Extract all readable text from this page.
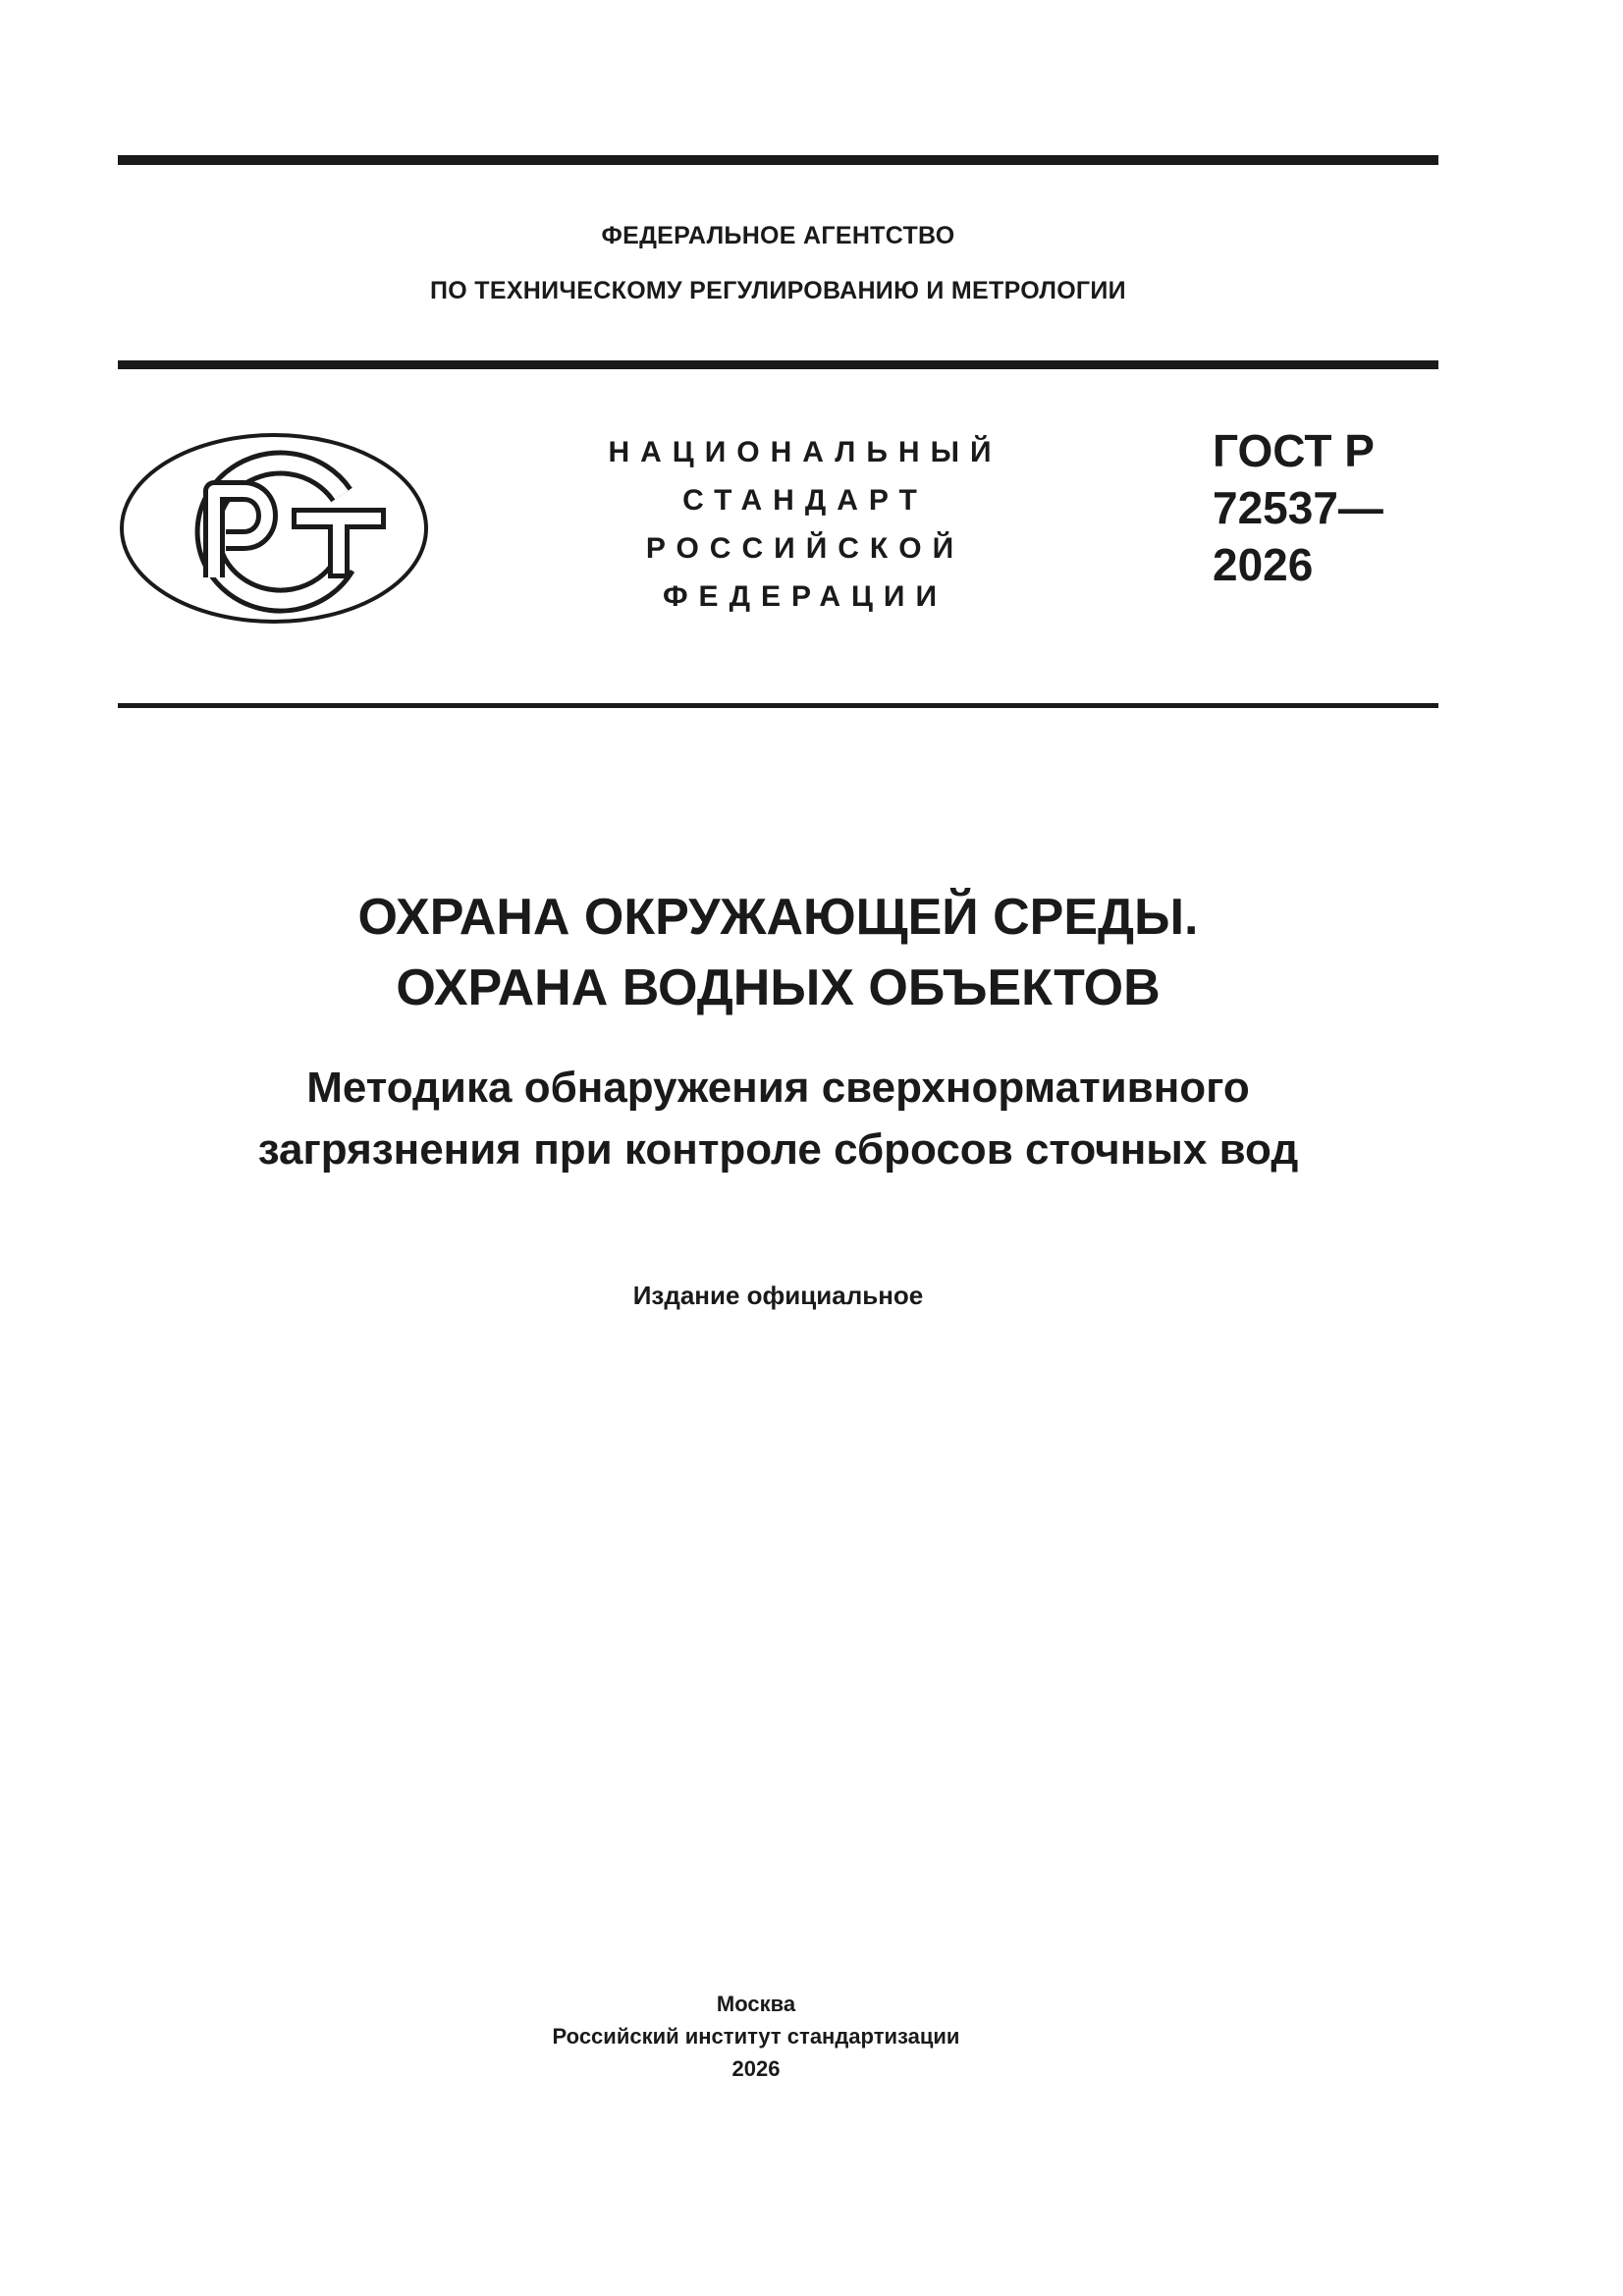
ФЕДЕРАЛЬНОЕ АГЕНТСТВО
ПО ТЕХНИЧЕСКОМУ РЕГУЛИРОВАНИЮ И МЕТРОЛОГИИ
НАЦИОНАЛЬНЫЙ
СТАНДАРТ
РОССИЙСКОЙ
ФЕДЕРАЦИИ
ГОСТ Р
72537—
2026
ОХРАНА ОКРУЖАЮЩЕЙ СРЕДЫ.
ОХРАНА ВОДНЫХ ОБЪЕКТОВ
Методика обнаружения сверхнормативного
загрязнения при контроле сбросов сточных вод
Издание официальное
Москва
Российский институт стандартизации
2026
